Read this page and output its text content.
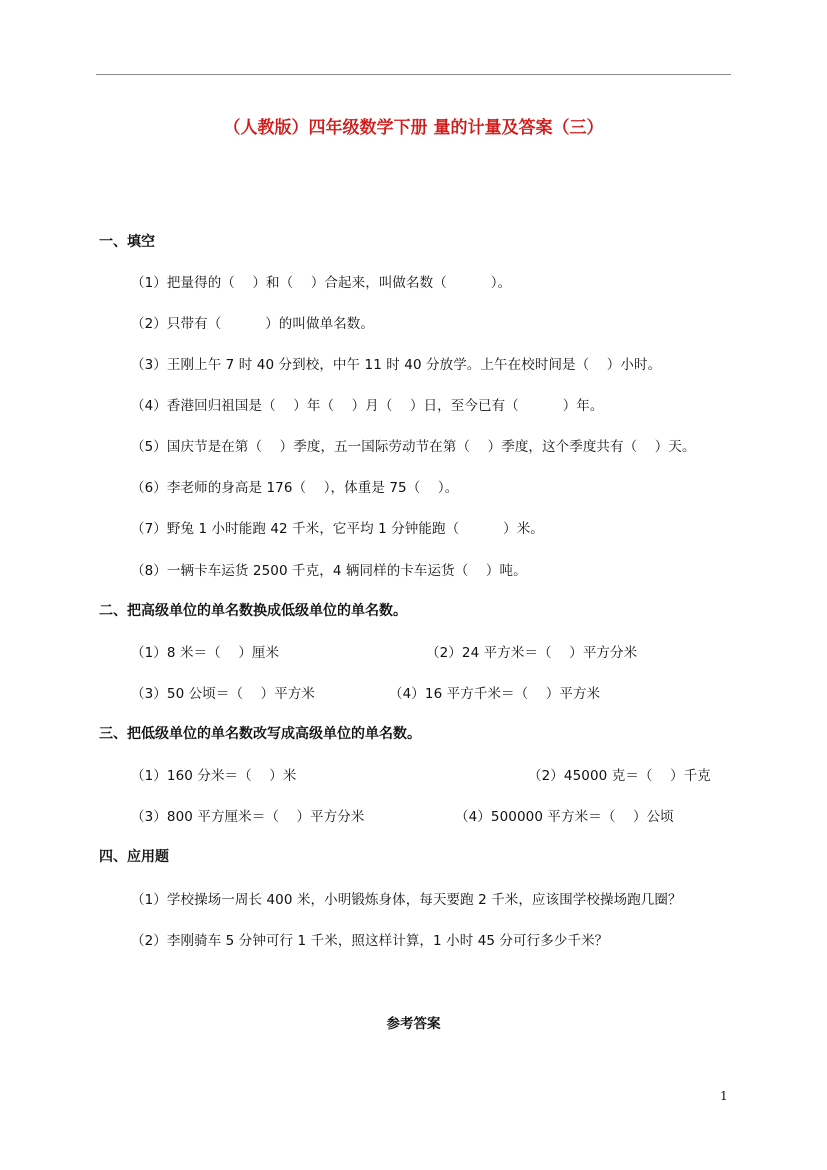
（人教版）四年级数学下册 量的计量及答案（三）
一、填空
（1）把量得的（    ）和（    ）合起来，叫做名数（          ）。
（2）只带有（          ）的叫做单名数。
（3）王刚上午 7 时 40 分到校，中午 11 时 40 分放学。上午在校时间是（    ）小时。
（4）香港回归祖国是（    ）年（    ）月（    ）日，至今已有（          ）年。
（5）国庆节是在第（    ）季度，五一国际劳动节在第（    ）季度，这个季度共有（    ）天。
（6）李老师的身高是 176（    ），体重是 75（    ）。
（7）野兔 1 小时能跑 42 千米，它平均 1 分钟能跑（          ）米。
（8）一辆卡车运货 2500 千克，4 辆同样的卡车运货（    ）吨。
二、把高级单位的单名数换成低级单位的单名数。
（1）8 米＝（    ）厘米	（2）24 平方米＝（    ）平方分米
（3）50 公顷＝（    ）平方米	（4）16 平方千米＝（    ）平方米
三、把低级单位的单名数改写成高级单位的单名数。
（1）160 分米＝（    ）米	（2）45000 克＝（    ）千克
（3）800 平方厘米＝（    ）平方分米	（4）500000 平方米＝（    ）公顷
四、应用题
（1）学校操场一周长 400 米，小明锻炼身体，每天要跑 2 千米，应该围学校操场跑几圈？
（2）李刚骑车 5 分钟可行 1 千米，照这样计算，1 小时 45 分可行多少千米？
参考答案
1
